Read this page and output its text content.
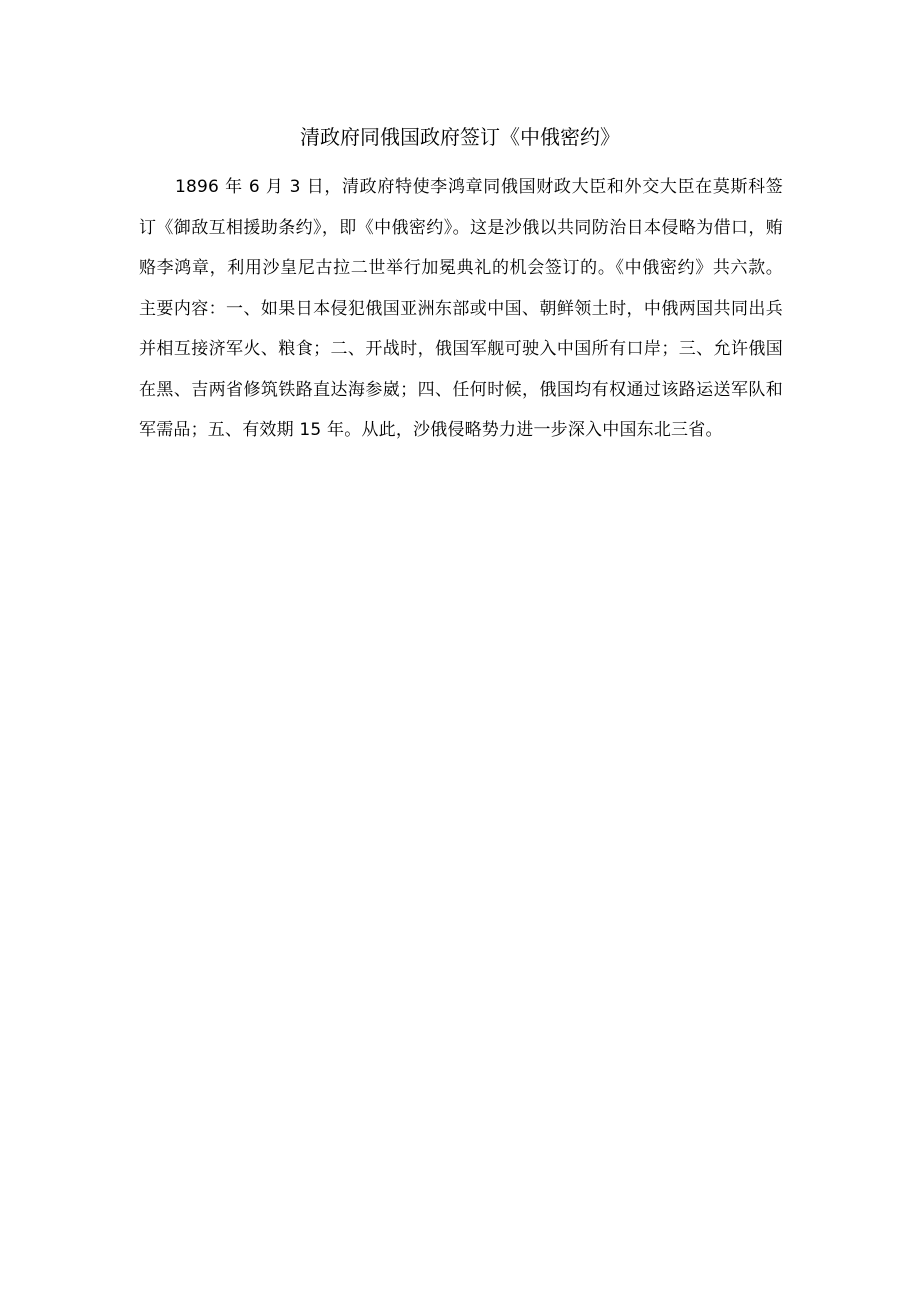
清政府同俄国政府签订《中俄密约》

1896 年 6 月 3 日，清政府特使李鸿章同俄国财政大臣和外交大臣在莫斯科签订《御敌互相援助条约》，即《中俄密约》。这是沙俄以共同防治日本侵略为借口，贿赂李鸿章，利用沙皇尼古拉二世举行加冕典礼的机会签订的。《中俄密约》共六款。主要内容：一、如果日本侵犯俄国亚洲东部或中国、朝鲜领土时，中俄两国共同出兵并相互接济军火、粮食；二、开战时，俄国军舰可驶入中国所有口岸；三、允许俄国在黑、吉两省修筑铁路直达海参崴；四、任何时候，俄国均有权通过该路运送军队和军需品；五、有效期 15 年。从此，沙俄侵略势力进一步深入中国东北三省。
